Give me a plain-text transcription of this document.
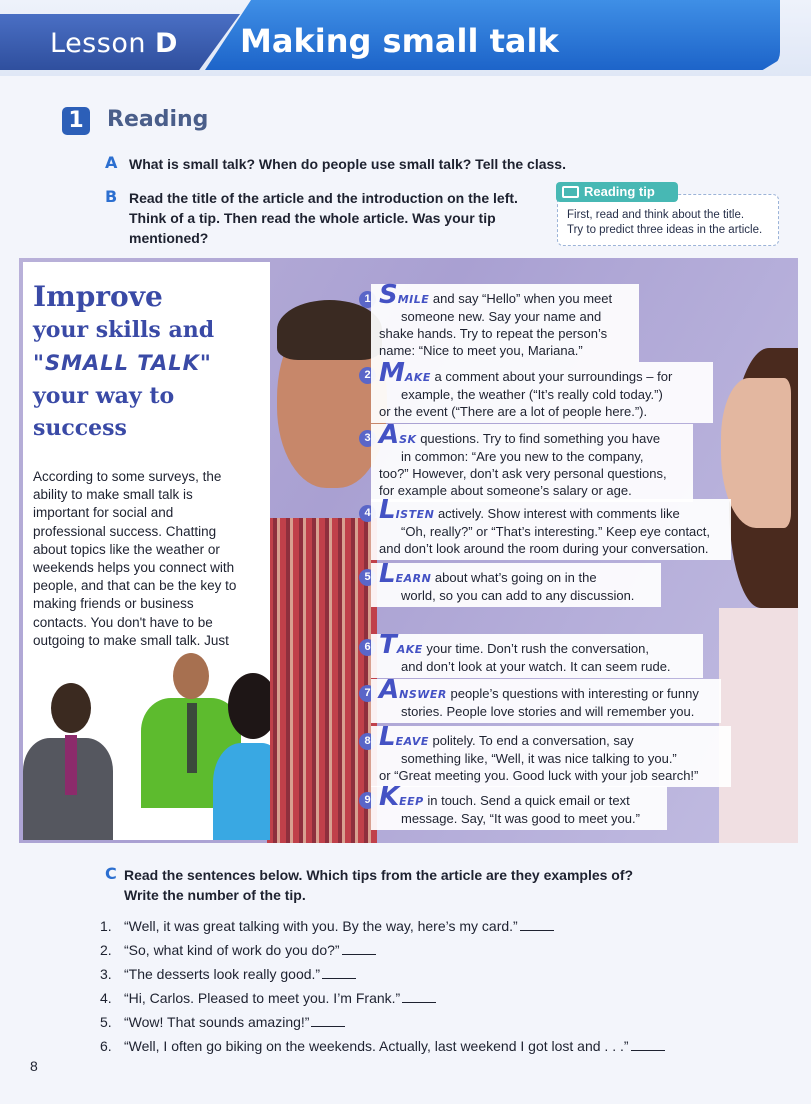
Lesson D Making small talk
1 Reading
A What is small talk? When do people use small talk? Tell the class.
B Read the title of the article and the introduction on the left.
Think of a tip. Then read the whole article. Was your tip
mentioned?
Reading tip
First, read and think about the title.
Try to predict three ideas in the article.
Improve
your skills and
"SMALL TALK"
your way to
success
According to some surveys, the
ability to make small talk is
important for social and
professional success. Chatting
about topics like the weather or
weekends helps you connect with
people, and that can be the key to
making friends or business
contacts. You don't have to be
outgoing to make small talk. Just
1 SMILE and say “Hello” when you meet
someone new. Say your name and
shake hands. Try to repeat the person’s
name: “Nice to meet you, Mariana.”
2 MAKE a comment about your surroundings – for
example, the weather (“It’s really cold today.”)
or the event (“There are a lot of people here.”).
3 ASK questions. Try to find something you have
in common: “Are you new to the company,
too?” However, don’t ask very personal questions,
for example about someone’s salary or age.
4 LISTEN actively. Show interest with comments like
“Oh, really?” or “That’s interesting.” Keep eye contact,
and don’t look around the room during your conversation.
5 LEARN about what’s going on in the
world, so you can add to any discussion.
6 TAKE your time. Don’t rush the conversation,
and don’t look at your watch. It can seem rude.
7 ANSWER people’s questions with interesting or funny
stories. People love stories and will remember you.
8 LEAVE politely. To end a conversation, say
something like, “Well, it was nice talking to you.”
or “Great meeting you. Good luck with your job search!”
9 KEEP in touch. Send a quick email or text
message. Say, “It was good to meet you.”
C Read the sentences below. Which tips from the article are they examples of?
Write the number of the tip.
1. “Well, it was great talking with you. By the way, here’s my card.”
2. “So, what kind of work do you do?”
3. “The desserts look really good.”
4. “Hi, Carlos. Pleased to meet you. I’m Frank.”
5. “Wow! That sounds amazing!”
6. “Well, I often go biking on the weekends. Actually, last weekend I got lost and . . .”
8
